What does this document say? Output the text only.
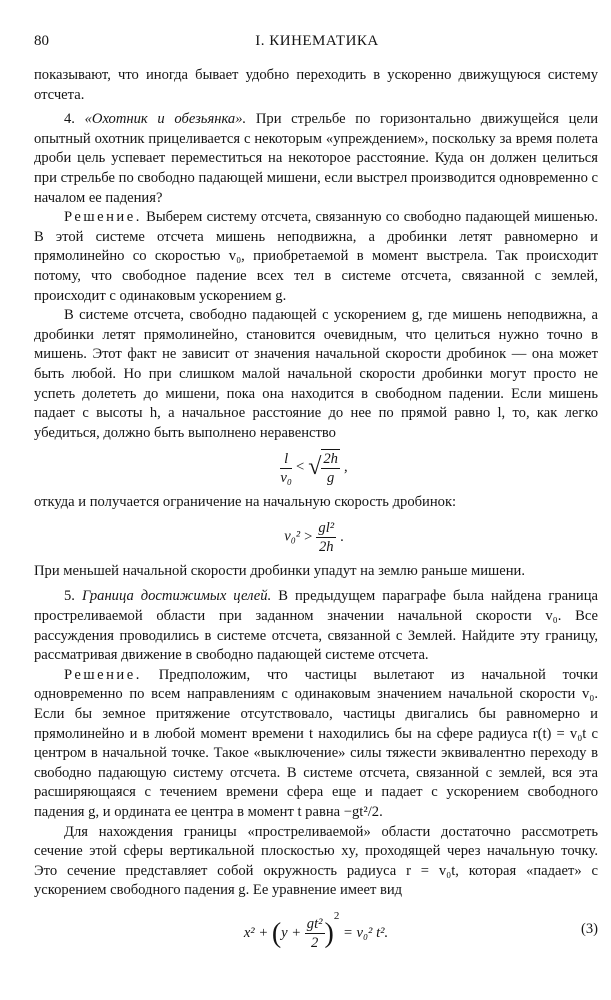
80	I. КИНЕМАТИКА

показывают, что иногда бывает удобно переходить в ускоренно движущуюся систему отсчета.

4. «Охотник и обезьянка». При стрельбе по горизонтально движущейся цели опытный охотник прицеливается с некоторым «упреждением», поскольку за время полета дроби цель успевает переместиться на некоторое расстояние. Куда он должен целиться при стрельбе по свободно падающей мишени, если выстрел производится одновременно с началом ее падения?

Решение. Выберем систему отсчета, связанную со свободно падающей мишенью. В этой системе отсчета мишень неподвижна, а дробинки летят равномерно и прямолинейно со скоростью v₀, приобретаемой в момент выстрела. Так происходит потому, что свободное падение всех тел в системе отсчета, связанной с землей, происходит с одинаковым ускорением g.

В системе отсчета, свободно падающей с ускорением g, где мишень неподвижна, а дробинки летят прямолинейно, становится очевидным, что целиться нужно точно в мишень. Этот факт не зависит от значения начальной скорости дробинок — она может быть любой. Но при слишком малой начальной скорости дробинки могут просто не успеть долететь до мишени, пока она находится в свободном падении. Если мишень падает с высоты h, а начальное расстояние до нее по прямой равно l, то, как легко убедиться, должно быть выполнено неравенство

$\frac{l}{\text{v₀}}$ < √ $\frac{2h}{g}$ ,

откуда и получается ограничение на начальную скорость дробинок:

$v_0^2 > \frac{\text{gl²}}{2h}$ .

При меньшей начальной скорости дробинки упадут на землю раньше мишени.

5. Граница достижимых целей. В предыдущем параграфе была найдена граница простреливаемой области при заданном значении начальной скорости v₀. Все рассуждения проводились в системе отсчета, связанной с Землей. Найдите эту границу, рассматривая движение в свободно падающей системе отсчета.

Решение. Предположим, что частицы вылетают из начальной точки одновременно по всем направлениям с одинаковым значением начальной скорости v₀. Если бы земное притяжение отсутствовало, частицы двигались бы равномерно и прямолинейно и в любой момент времени t находились бы на сфере радиуса r(t) = v₀t с центром в начальной точке. Такое «выключение» силы тяжести эквивалентно переходу в свободно падающую систему отсчета. В системе отсчета, связанной с землей, вся эта расширяющаяся с течением времени сфера еще и падает с ускорением свободного падения g, и ордината ее центра в момент t равна −gt²/2.

Для нахождения границы «простреливаемой» области достаточно рассмотреть сечение этой сферы вертикальной плоскостью xy, проходящей через начальную точку. Это сечение представляет собой окружность радиуса r = v₀t, которая «падает» с ускорением свободного падения g. Ее уравнение имеет вид

$x^2 + (y + \frac{\text{gt²}}{2} )^2 = v_0^2$ t².	(3)
